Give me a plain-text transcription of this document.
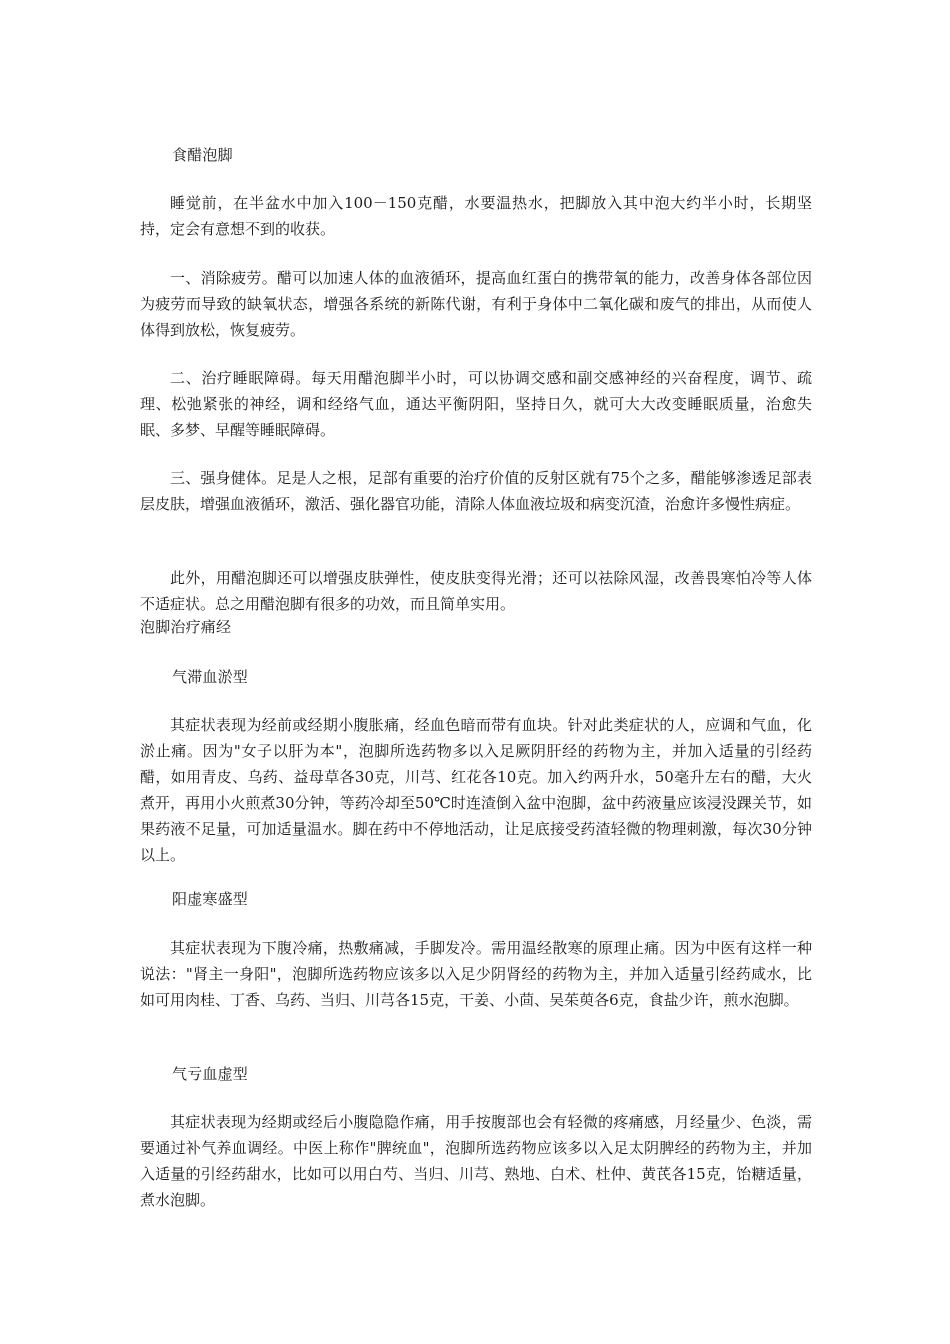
食醋泡脚
睡觉前，在半盆水中加入100－150克醋，水要温热水，把脚放入其中泡大约半小时，长期坚持，定会有意想不到的收获。
一、消除疲劳。醋可以加速人体的血液循环，提高血红蛋白的携带氧的能力，改善身体各部位因为疲劳而导致的缺氧状态，增强各系统的新陈代谢，有利于身体中二氧化碳和废气的排出，从而使人体得到放松，恢复疲劳。
二、治疗睡眠障碍。每天用醋泡脚半小时，可以协调交感和副交感神经的兴奋程度，调节、疏理、松弛紧张的神经，调和经络气血，通达平衡阴阳，坚持日久，就可大大改变睡眠质量，治愈失眠、多梦、早醒等睡眠障碍。
三、强身健体。足是人之根，足部有重要的治疗价值的反射区就有75个之多，醋能够渗透足部表层皮肤，增强血液循环，激活、强化器官功能，清除人体血液垃圾和病变沉渣，治愈许多慢性病症。
此外，用醋泡脚还可以增强皮肤弹性，使皮肤变得光滑；还可以祛除风湿，改善畏寒怕冷等人体不适症状。总之用醋泡脚有很多的功效，而且简单实用。
泡脚治疗痛经
气滞血淤型
其症状表现为经前或经期小腹胀痛，经血色暗而带有血块。针对此类症状的人，应调和气血，化淤止痛。因为"女子以肝为本"，泡脚所选药物多以入足厥阴肝经的药物为主，并加入适量的引经药醋，如用青皮、乌药、益母草各30克，川芎、红花各10克。加入约两升水，50毫升左右的醋，大火煮开，再用小火煎煮30分钟，等药冷却至50℃时连渣倒入盆中泡脚，盆中药液量应该浸没踝关节，如果药液不足量，可加适量温水。脚在药中不停地活动，让足底接受药渣轻微的物理刺激，每次30分钟以上。
阳虚寒盛型
其症状表现为下腹冷痛，热敷痛减，手脚发冷。需用温经散寒的原理止痛。因为中医有这样一种说法："肾主一身阳"，泡脚所选药物应该多以入足少阴肾经的药物为主，并加入适量引经药咸水，比如可用肉桂、丁香、乌药、当归、川芎各15克，干姜、小茴、吴茱萸各6克，食盐少许，煎水泡脚。
气亏血虚型
其症状表现为经期或经后小腹隐隐作痛，用手按腹部也会有轻微的疼痛感，月经量少、色淡，需要通过补气养血调经。中医上称作"脾统血"，泡脚所选药物应该多以入足太阴脾经的药物为主，并加入适量的引经药甜水，比如可以用白芍、当归、川芎、熟地、白术、杜仲、黄芪各15克，饴糖适量，煮水泡脚。
